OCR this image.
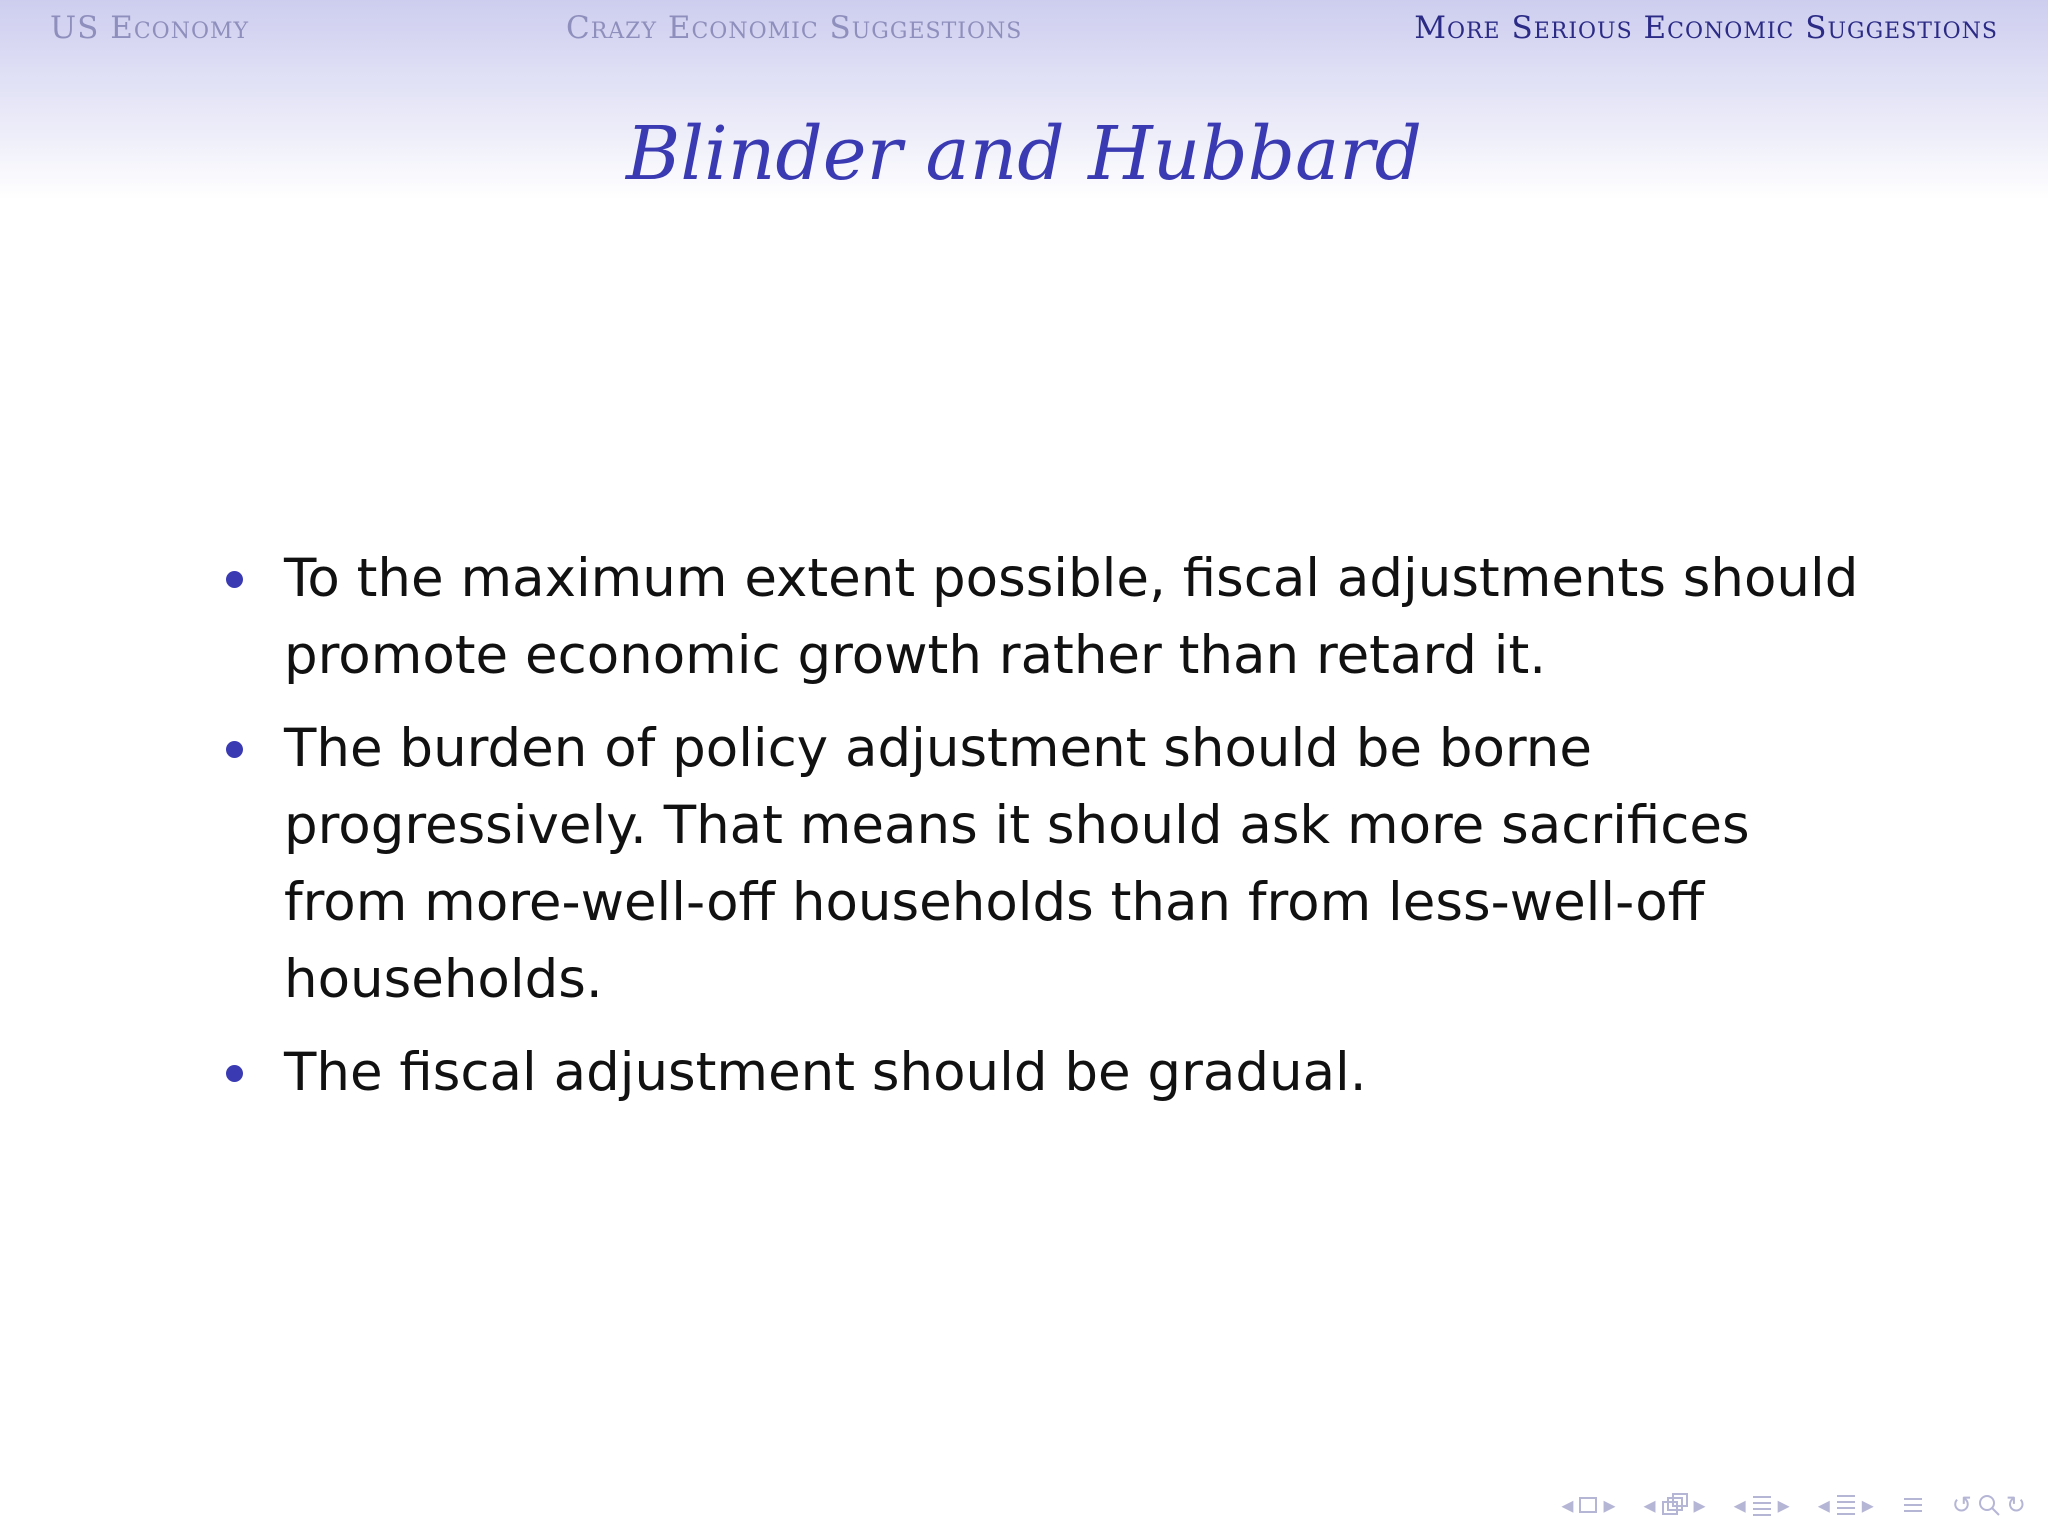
US Economy	Crazy Economic Suggestions	More Serious Economic Suggestions
Blinder and Hubbard
To the maximum extent possible, fiscal adjustments should promote economic growth rather than retard it.
The burden of policy adjustment should be borne progressively. That means it should ask more sacrifices from more-well-off households than from less-well-off households.
The fiscal adjustment should be gradual.
◂ ▸ ◂ ▸ ◂ ▸ ◂ ▸	↺ ↻
